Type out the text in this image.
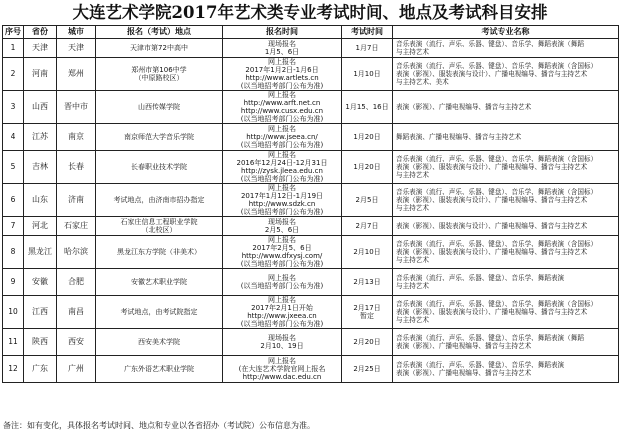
大连艺术学院2017年艺术类专业考试时间、地点及考试科目安排
序号	省份	城市	报名（考试）地点	报名时间	考试时间	考试专业名称
1	天津	天津	天津市第72中高中	现场报名
1月5、6日	1月7日	音乐表演（流行、声乐、乐器、键盘）、音乐学、舞蹈表演（舞蹈
与主持艺术

2	河南	郑州	郑州市第106中学
（中原路校区）	网上报名
2017年1月2日-1月6日
http://www.artlets.cn
(以当地招考部门公布为准)	1月10日	音乐表演（流行、声乐、乐器、键盘）、音乐学、舞蹈表演（含国标）
表演（影视）、服装表演与设计）、广播电视编导、播音与主持艺术
与主持艺术、美术

3	山西	晋中市	山西传媒学院	网上报名
http://www.arft.net.cn
http://www.cusx.edu.cn
(以当地招考部门公布为准)	1月15、16日	表演（影视）、广播电视编导、播音与主持艺术

4	江苏	南京	南京师范大学音乐学院	网上报名
http://www.jseea.cn/
(以当地招考部门公布为准)	1月20日	舞蹈表演、广播电视编导、播音与主持艺术

5	吉林	长春	长春职业技术学院	网上报名
2016年12月24日-12月31日
http://zysk.jleea.edu.cn
(以当地招考部门公布为准)	1月20日	音乐表演（流行、声乐、乐器、键盘）、音乐学、舞蹈表演（含国标）
表演（影视）、服装表演与设计）、广播电视编导、播音与主持艺术
与主持艺术

6	山东	济南	考试地点，由济南市招办指定	网上报名
2017年1月12日-1月19日
http://www.sdzk.cn
(以当地招考部门公布为准)	2月5日	音乐表演（流行、声乐、乐器、键盘）、音乐学、舞蹈表演（含国标）
表演（影视）、服装表演与设计）、广播电视编导、播音与主持艺术
与主持艺术

7	河北	石家庄	石家庄信息工程职业学院
（北校区）	现场报名
2月5、6日	2月7日	表演（影视）、服装表演与设计）、广播电视编导、播音与主持艺术

8	黑龙江	哈尔滨	黑龙江东方学院（非美术）	网上报名
2017年2月5、6日
http://www.dfxysj.com/
(以当地招考部门公布为准)	2月10日	音乐表演（流行、声乐、乐器、键盘）、音乐学、舞蹈表演（含国标）
表演（影视）、服装表演与设计）、广播电视编导、播音与主持艺术
与主持艺术

9	安徽	合肥	安徽艺术职业学院	网上报名
(以当地招考部门公布为准)	2月13日	音乐表演（流行、声乐、乐器、键盘）、音乐学、舞蹈表演
与主持艺术

10	江西	南昌	考试地点，由考试院指定	网上报名
2017年2月1日开始
http://www.jxeea.cn
(以当地招考部门公布为准)	2月17日
暂定	音乐表演（流行、声乐、乐器、键盘）、音乐学、舞蹈表演（含国标）
表演（影视）、服装表演与设计）、广播电视编导、播音与主持艺术
与主持艺术

11	陕西	西安	西安美术学院	现场报名
2月10、19日	2月20日	音乐表演（流行、声乐、乐器、键盘）、音乐学、舞蹈表演（舞蹈
表演（影视）、广播电视编导、播音与主持艺术

12	广东	广州	广东外语艺术职业学院	网上报名
(在大连艺术学院官网上报名
http://www.dac.edu.cn	2月25日	音乐表演（流行、声乐、乐器、键盘）、音乐学、舞蹈表演
表演（影视）、广播电视编导、播音与主持艺术
备注：如有变化，具体报名考试时间、地点和专业以各省招办（考试院）公布信息为准。
